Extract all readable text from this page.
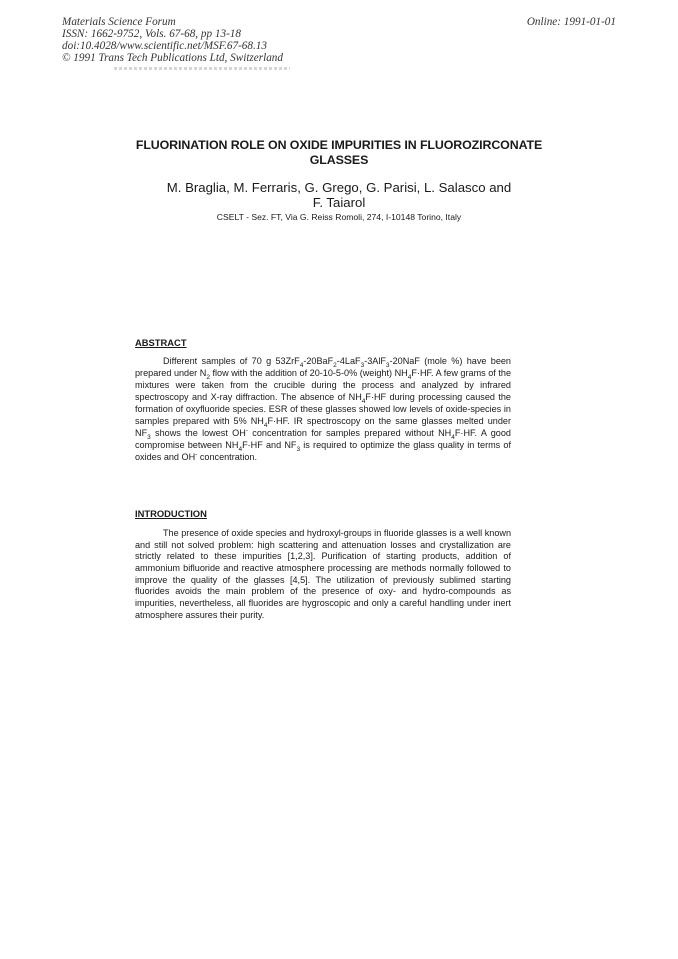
Materials Science Forum
ISSN: 1662-9752, Vols. 67-68, pp 13-18
doi:10.4028/www.scientific.net/MSF.67-68.13
© 1991 Trans Tech Publications Ltd, Switzerland
Online: 1991-01-01
FLUORINATION ROLE ON OXIDE IMPURITIES IN FLUOROZIRCONATE
GLASSES
M. Braglia, M. Ferraris, G. Grego, G. Parisi, L. Salasco and
F. Taiarol
CSELT - Sez. FT, Via G. Reiss Romoli, 274, I-10148 Torino, Italy
ABSTRACT

Different samples of 70 g 53ZrF$_4$-20BaF$_2$-4LaF$_3$-3AlF$_3$-20NaF (mole %) have been prepared under $N_2$ flow with the addition of 20-10-5-0% (weight) $NH_4F\cdot HF$. A few grams of the mixtures were taken from the crucible during the process and analyzed by infrared spectroscopy and X-ray diffraction. The absence of $NH_4F\cdot HF$ during processing caused the formation of oxyfluoride species. ESR of these glasses showed low levels of oxide-species in samples prepared with 5% $NH_4F\cdot HF$. IR spectroscopy on the same glasses melted under $NF_3$ shows the lowest OH- concentration for samples prepared without $NH_4F\cdot HF$. A good compromise between $NH_4F\cdot HF$ and $NF_3$ is required to optimize the glass quality in terms of oxides and OH- concentration.

INTRODUCTION

The presence of oxide species and hydroxyl-groups in fluoride glasses is a well known and still not solved problem: high scattering and attenuation losses and crystallization are strictly related to these impurities [1,2,3]. Purification of starting products, addition of ammonium bifluoride and reactive atmosphere processing are methods normally followed to improve the quality of the glasses [4,5]. The utilization of previously sublimed starting fluorides avoids the main problem of the presence of oxy- and hydro-compounds as impurities, nevertheless, all fluorides are hygroscopic and only a careful handling under inert atmosphere assures their purity.
